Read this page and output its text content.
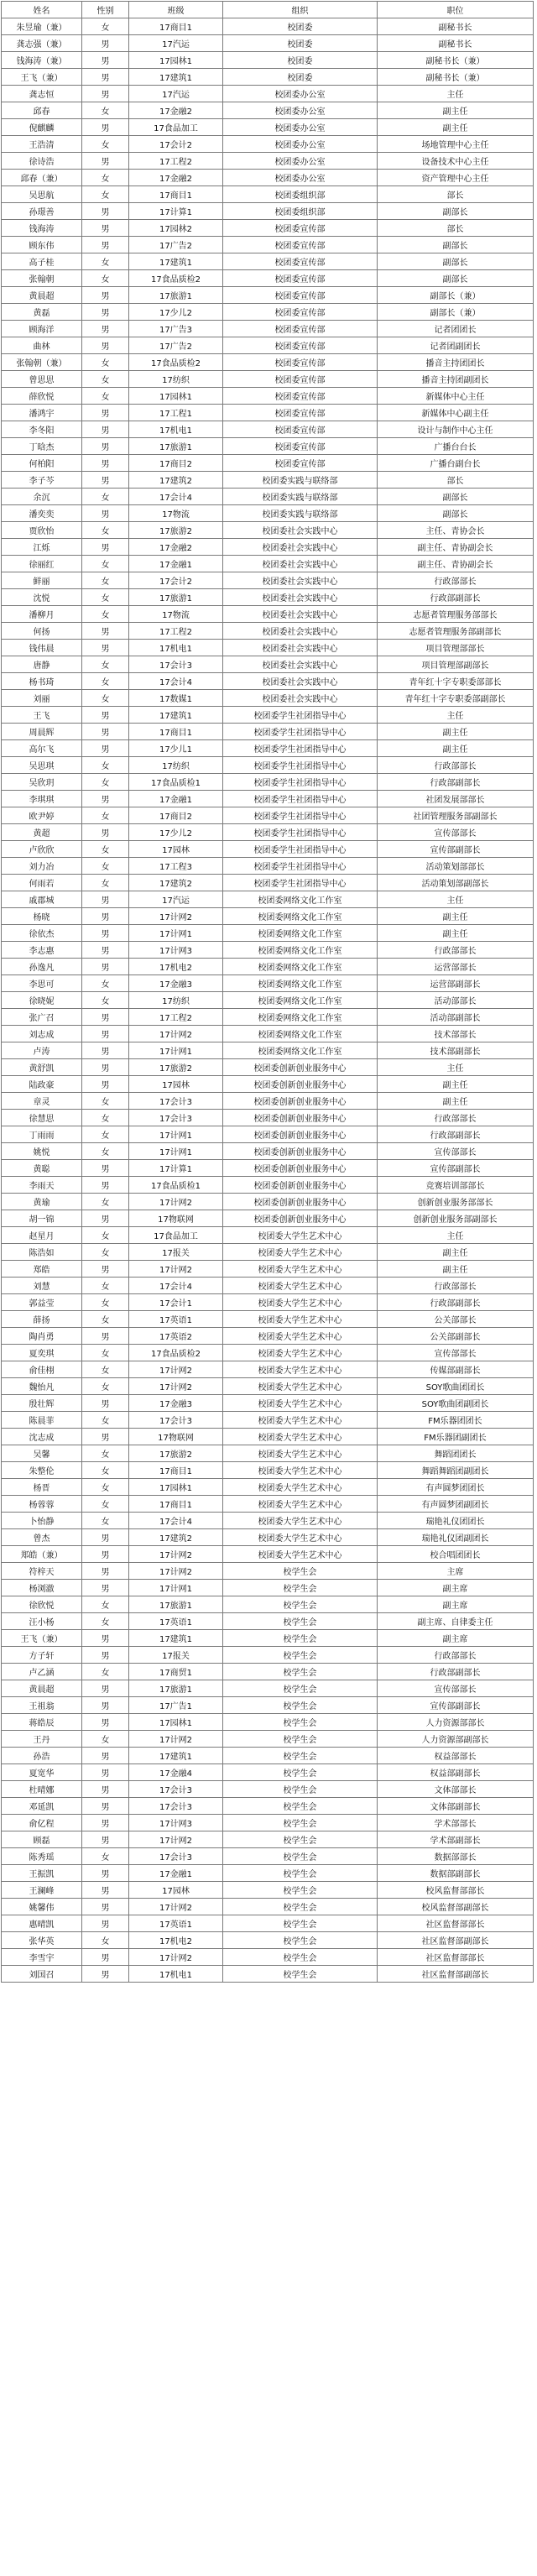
姓名	性别	班级	组织	职位
朱昱瑜（兼）	女	17商目1	校团委	副秘书长
龚志强（兼）	男	17汽运	校团委	副秘书长
钱海涛（兼）	男	17园林1	校团委	副秘书长（兼）
王飞（兼）	男	17建筑1	校团委	副秘书长（兼）
龚志恒	男	17汽运	校团委办公室	主任
邱春	女	17金融2	校团委办公室	副主任
倪麒麟	男	17食品加工	校团委办公室	副主任
王浩清	女	17会计2	校团委办公室	场地管理中心主任
徐诗浩	男	17工程2	校团委办公室	设备技术中心主任
邱春（兼）	女	17金融2	校团委办公室	资产管理中心主任
吴思航	女	17商目1	校团委组织部	部长
孙璟善	男	17计算1	校团委组织部	副部长
钱海涛	男	17园林2	校团委宣传部	部长
顾东伟	男	17广告2	校团委宣传部	副部长
高子桂	女	17建筑1	校团委宣传部	副部长
张翰朝	女	17食品质检2	校团委宣传部	副部长
黄晨超	男	17旅游1	校团委宣传部	副部长（兼）
黄磊	男	17少儿2	校团委宣传部	副部长（兼）
顾海洋	男	17广告3	校团委宣传部	记者团团长
曲林	男	17广告2	校团委宣传部	记者团副团长
张翰朝（兼）	女	17食品质检2	校团委宣传部	播音主持团团长
曾思思	女	17纺织	校团委宣传部	播音主持团副团长
薛欣悦	女	17园林1	校团委宣传部	新媒体中心主任
潘鸿宇	男	17工程1	校团委宣传部	新媒体中心副主任
李冬阳	男	17机电1	校团委宣传部	设计与制作中心主任
丁晗杰	男	17旅游1	校团委宣传部	广播台台长
何柏阳	男	17商目2	校团委宣传部	广播台副台长
李子芩	男	17建筑2	校团委实践与联络部	部长
余沉	女	17会计4	校团委实践与联络部	副部长
潘奕奕	男	17物流	校团委实践与联络部	副部长
贾欣怡	女	17旅游2	校团委社会实践中心	主任、青协会长
江烁	男	17金融2	校团委社会实践中心	副主任、青协副会长
徐丽红	女	17金融1	校团委社会实践中心	副主任、青协副会长
鲜丽	女	17会计2	校团委社会实践中心	行政部部长
沈悦	女	17旅游1	校团委社会实践中心	行政部副部长
潘柳月	女	17物流	校团委社会实践中心	志愿者管理服务部部长
何扬	男	17工程2	校团委社会实践中心	志愿者管理服务部副部长
钱伟晨	男	17机电1	校团委社会实践中心	项目管理部部长
唐静	女	17会计3	校团委社会实践中心	项目管理部副部长
杨书琦	女	17会计4	校团委社会实践中心	青年红十字专职委部部长
刘丽	女	17数媒1	校团委社会实践中心	青年红十字专职委部副部长
王飞	男	17建筑1	校团委学生社团指导中心	主任
周晨辉	男	17商目1	校团委学生社团指导中心	副主任
高尔飞	男	17少儿1	校团委学生社团指导中心	副主任
吴思琪	女	17纺织	校团委学生社团指导中心	行政部部长
吴欣玥	女	17食品质检1	校团委学生社团指导中心	行政部副部长
李琪琪	男	17金融1	校团委学生社团指导中心	社团发展部部长
欧尹婷	女	17商目2	校团委学生社团指导中心	社团管理服务部副部长
黄超	男	17少儿2	校团委学生社团指导中心	宣传部部长
卢欣欣	女	17园林	校团委学生社团指导中心	宣传部副部长
刘力冶	女	17工程3	校团委学生社团指导中心	活动策划部部长
何雨若	女	17建筑2	校团委学生社团指导中心	活动策划部副部长
戚郡城	男	17汽运	校团委网络文化工作室	主任
杨晓	男	17计网2	校团委网络文化工作室	副主任
徐依杰	男	17计网1	校团委网络文化工作室	副主任
李志惠	男	17计网3	校团委网络文化工作室	行政部部长
孙逸凡	男	17机电2	校团委网络文化工作室	运营部部长
李思可	女	17金融3	校团委网络文化工作室	运营部副部长
徐晓妮	女	17纺织	校团委网络文化工作室	活动部部长
张广召	男	17工程2	校团委网络文化工作室	活动部副部长
刘志成	男	17计网2	校团委网络文化工作室	技术部部长
卢涛	男	17计网1	校团委网络文化工作室	技术部副部长
黄舒凯	男	17旅游2	校团委创新创业服务中心	主任
陆政豪	男	17园林	校团委创新创业服务中心	副主任
章灵	女	17会计3	校团委创新创业服务中心	副主任
徐慧思	女	17会计3	校团委创新创业服务中心	行政部部长
丁雨雨	女	17计网1	校团委创新创业服务中心	行政部副部长
姚悦	女	17计网1	校团委创新创业服务中心	宣传部部长
黄聪	男	17计算1	校团委创新创业服务中心	宣传部副部长
李雨天	男	17食品质检1	校团委创新创业服务中心	竞赛培训部部长
黄瑜	女	17计网2	校团委创新创业服务中心	创新创业服务部部长
胡一锦	男	17物联网	校团委创新创业服务中心	创新创业服务部副部长
赵星月	女	17食品加工	校团委大学生艺术中心	主任
陈浩如	女	17报关	校团委大学生艺术中心	副主任
郑皓	男	17计网2	校团委大学生艺术中心	副主任
刘慧	女	17会计4	校团委大学生艺术中心	行政部部长
郭益莹	女	17会计1	校团委大学生艺术中心	行政部副部长
薛扬	女	17英语1	校团委大学生艺术中心	公关部部长
陶肖勇	男	17英语2	校团委大学生艺术中心	公关部副部长
夏奕琪	女	17食品质检2	校团委大学生艺术中心	宣传部部长
俞佳栩	女	17计网2	校团委大学生艺术中心	传媒部副部长
魏怡凡	女	17计网2	校团委大学生艺术中心	SOY歌曲团团长
殷壮辉	男	17金融3	校团委大学生艺术中心	SOY歌曲团副团长
陈晨菲	女	17会计3	校团委大学生艺术中心	FM乐器团团长
沈志成	男	17物联网	校团委大学生艺术中心	FM乐器团副团长
吴馨	女	17旅游2	校团委大学生艺术中心	舞蹈团团长
朱整伦	女	17商目1	校团委大学生艺术中心	舞蹈舞蹈团副团长
杨晋	女	17园林1	校团委大学生艺术中心	有声圆梦团团长
杨蓉蓉	女	17商目1	校团委大学生艺术中心	有声圆梦团副团长
卜怡静	女	17会计4	校团委大学生艺术中心	瑞艳礼仪团团长
曾杰	男	17建筑2	校团委大学生艺术中心	瑞艳礼仪团副团长
郑皓（兼）	男	17计网2	校团委大学生艺术中心	校合唱团团长
符梓天	男	17计网2	校学生会	主席
杨浏澈	男	17计网1	校学生会	副主席
徐欣悦	女	17旅游1	校学生会	副主席
汪小杨	女	17英语1	校学生会	副主席、自律委主任
王飞（兼）	男	17建筑1	校学生会	副主席
方子轩	男	17报关	校学生会	行政部部长
卢乙涵	女	17商贸1	校学生会	行政部副部长
黄晨超	男	17旅游1	校学生会	宣传部部长
王祖翁	男	17广告1	校学生会	宣传部副部长
蒋皓辰	男	17园林1	校学生会	人力资源部部长
王丹	女	17计网2	校学生会	人力资源部副部长
孙浩	男	17建筑1	校学生会	权益部部长
夏宽华	男	17金融4	校学生会	权益部副部长
杜晴娜	男	17会计3	校学生会	文体部部长
邓延凯	男	17会计3	校学生会	文体部副部长
俞亿程	男	17计网3	校学生会	学术部部长
顾磊	男	17计网2	校学生会	学术部副部长
陈秀瑶	女	17会计3	校学生会	数据部部长
王振凯	男	17金融1	校学生会	数据部副部长
王澜峰	男	17园林	校学生会	校风监督部部长
姚馨伟	男	17计网2	校学生会	校风监督部副部长
惠晴凯	男	17英语1	校学生会	社区监督部部长
张华英	女	17机电2	校学生会	社区监督部副部长
李雪宇	男	17计网2	校学生会	社区监督部部长
刘国召	男	17机电1	校学生会	社区监督部副部长
